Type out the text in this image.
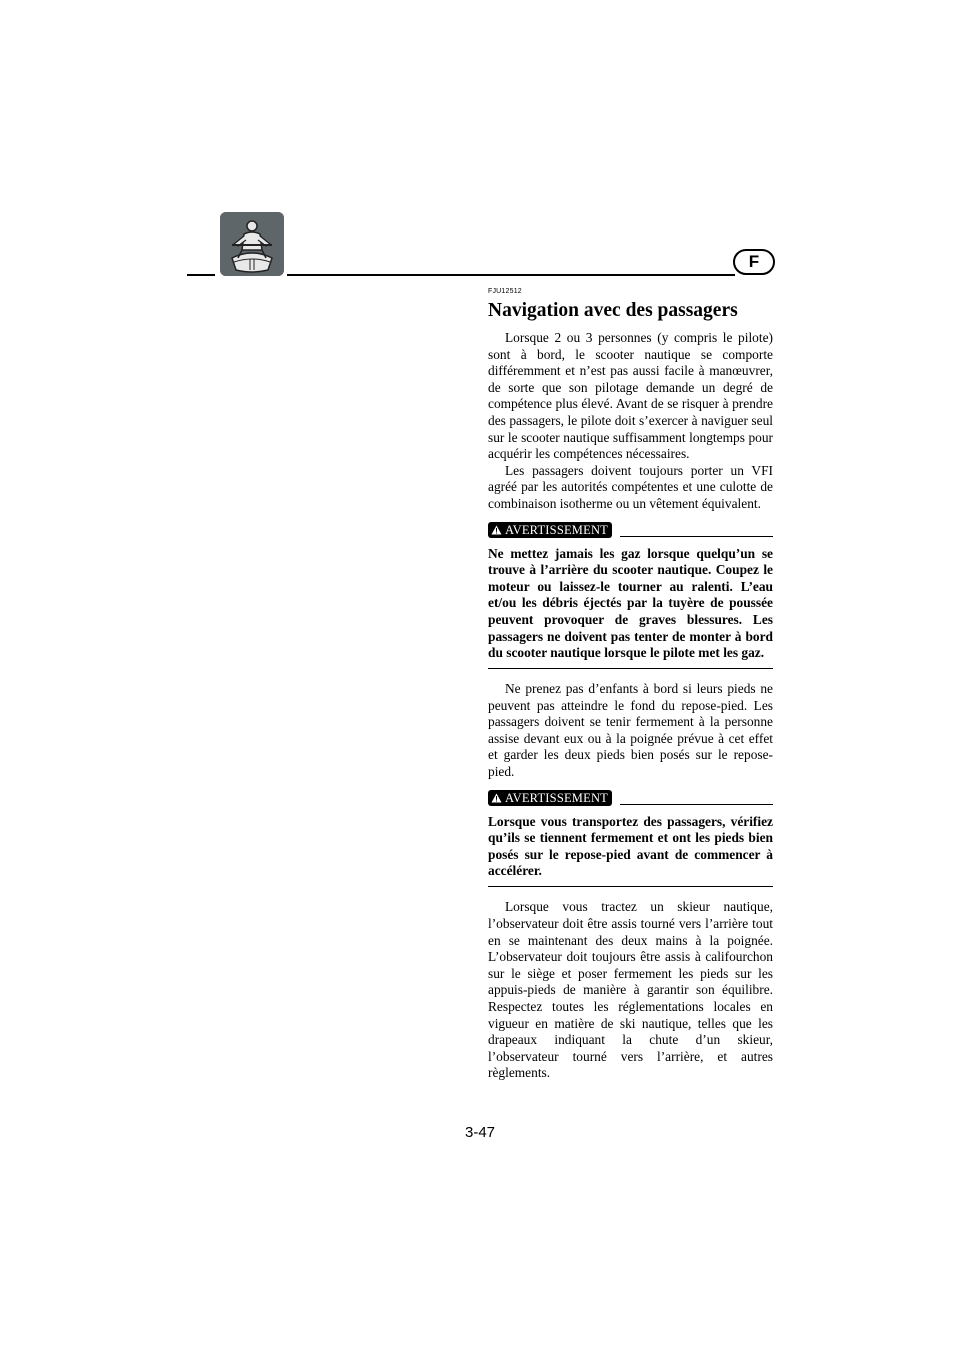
F
FJU12512
Navigation avec des passagers

Lorsque 2 ou 3 personnes (y compris le pilote) sont à bord, le scooter nautique se comporte différemment et n’est pas aussi facile à manœuvrer, de sorte que son pilotage demande un degré de compétence plus élevé. Avant de se risquer à prendre des passagers, le pilote doit s’exercer à naviguer seul sur le scooter nautique suffisamment longtemps pour acquérir les compétences nécessaires.

Les passagers doivent toujours porter un VFI agréé par les autorités compétentes et une culotte de combinaison isotherme ou un vêtement équivalent.

AVERTISSEMENT

Ne mettez jamais les gaz lorsque quelqu’un se trouve à l’arrière du scooter nautique. Coupez le moteur ou laissez-le tourner au ralenti. L’eau et/ou les débris éjectés par la tuyère de poussée peuvent provoquer de graves blessures. Les passagers ne doivent pas tenter de monter à bord du scooter nautique lorsque le pilote met les gaz.

Ne prenez pas d’enfants à bord si leurs pieds ne peuvent pas atteindre le fond du repose-pied. Les passagers doivent se tenir fermement à la personne assise devant eux ou à la poignée prévue à cet effet et garder les deux pieds bien posés sur le repose-pied.

AVERTISSEMENT

Lorsque vous transportez des passagers, vérifiez qu’ils se tiennent fermement et ont les pieds bien posés sur le repose-pied avant de commencer à accélérer.

Lorsque vous tractez un skieur nautique, l’observateur doit être assis tourné vers l’arrière tout en se maintenant des deux mains à la poignée. L’observateur doit toujours être assis à califourchon sur le siège et poser fermement les pieds sur les appuis-pieds de manière à garantir son équilibre. Respectez toutes les réglementations locales en vigueur en matière de ski nautique, telles que les drapeaux indiquant la chute d’un skieur, l’observateur tourné vers l’arrière, et autres règlements.

3-47
